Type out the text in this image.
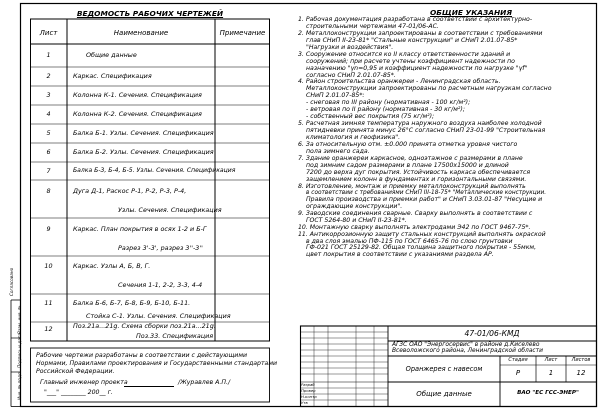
Инв. № подл.
Подпись и дата
Взам. инв. №
Согласовано
ВЕДОМОСТЬ РАБОЧИХ ЧЕРТЕЖЕЙ
Лист	Наименование	Примечание
1	Общие данные
2	Каркас. Спецификация
3	Колонна К-1. Сечения. Спецификация
4	Колонна К-2. Сечения. Спецификация
5	Балка Б-1. Узлы. Сечения. Спецификация
6	Балка Б-2. Узлы. Сечения. Спецификация
7	Балка Б-3, Б-4, Б-5. Узлы. Сечения. Спецификация
8	Дуга Д-1, Раскос Р-1, Р-2, Р-3, Р-4,
Узлы. Сечения. Спецификация
9	Каркас. План покрытия в осях 1-2 и Б-Г
Разрез 3'-3', разрез 3''-3''
10	Каркас. Узлы А, Б, В, Г.
Сечения 1-1, 2-2, 3-3, 4-4
11	Балка Б-6, Б-7, Б-8, Б-9, Б-10, Б-11.
Стойка С-1. Узлы. Сечения. Спецификация
12	Поз.21а...21g. Схема сборки поз.21а...21g.
Поз.33. Спецификация
Рабочие чертежи разработаны в соответствии с действующими
Нормами, Правилами проектирования и Государственными стандартами
Российской Федерации.
Главный инженер проекта	/Журавлев А.П./
"___" ________ 200__ г.
ОБЩИЕ УКАЗАНИЯ
1. Рабочая документация разработана в соответствии с архитектурно-
строительными чертежами 47-01/06-АС.
2. Металлоконструкции запроектированы в соответствии с требованиями
глав СНиП II-23-81* "Стальные конструкции" и СНиП 2.01.07-85*
"Нагрузки и воздействия".
3. Сооружение относится ко II классу ответственности зданий и
сооружений; при расчете учтены коэффициент надежности по
назначению "γn=0,95 и коэффициент надежности по нагрузке "γf"
согласно СНиП 2.01.07-85*.
4. Район строительства оранжереи - Ленинградская область.
Металлоконструкции запроектированы по расчетным нагрузкам согласно
СНиП 2.01.07-85*:
- снеговая по III району (нормативная - 100 кг/м²);
- ветровая по II району (нормативная - 30 кг/м²);
- собственный вес покрытия (75 кг/м²);
5. Расчетная зимняя температура наружного воздуха наиболее холодной
пятидневки принята минус 26°С согласно СНиП 23-01-99 "Строительная
климатология и геофизика".
6. За относительную отм. ±0.000 принята отметка уровня чистого
пола зимнего сада.
7. Здание оранжереи каркасное, одноэтажное с размерами в плане
под зимним садом размерами в плане 17500х15000 и длиной
7200 до верха дуг покрытия. Устойчивость каркаса обеспечивается
защемлением колонн в фундаментах и горизонтальными связями.
8. Изготовление, монтаж и приемку металлоконструкций выполнять
в соответствии с требованиями СНиП III-18-75* "Металлические конструкции.
Правила производства и приемки работ" и СНиП 3.03.01-87 "Несущие и
ограждающие конструкции".
9. Заводские соединения сварные. Сварку выполнять в соответствии с
ГОСТ 5264-80 и СНиП II-23-81*.
10. Монтажную сварку выполнять электродами Э42 по ГОСТ 9467-75*.
11. Антикоррозионную защиту стальных конструкций выполнять окраской
в два слоя эмалью ПФ-115 по ГОСТ 6465-76 по слою грунтовки
ГФ-021 ГОСТ 25129-82. Общая толщина защитного покрытия - 55мкм,
цвет покрытия в соответствии с указаниями раздела АР.
47-01/06-КМД
АГЗС ОАО "Энергосервис" в районе д.Киселево
Всеволожского района, Ленинградской области
Оранжерея с навесом
Стадия	Лист	Листов
Р	1	12
Общие данные	ВАО "ЕС ГСС-ЭНЕР"
Разраб
Провер
Н.контр
Утв
